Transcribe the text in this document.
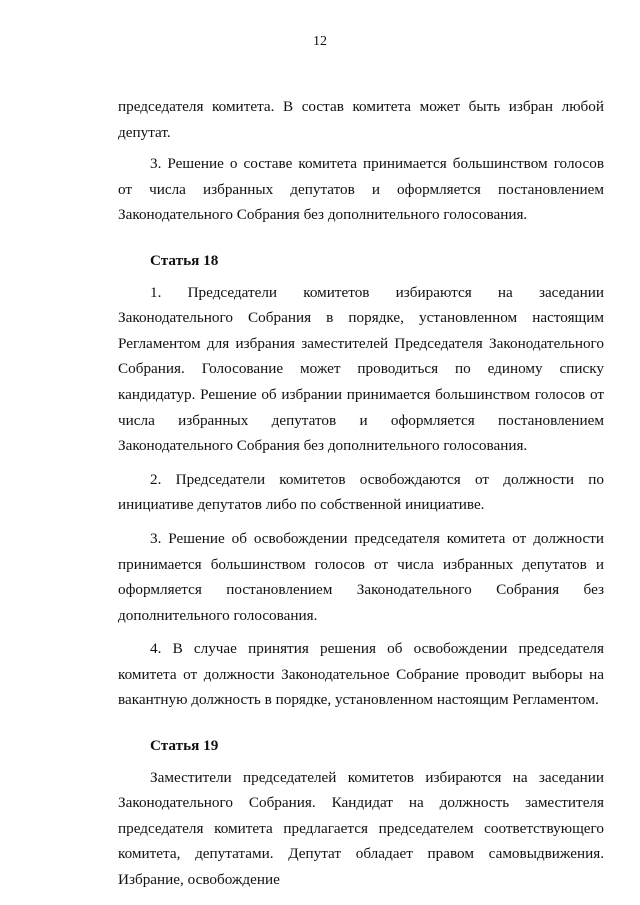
12

председателя комитета. В состав комитета может быть избран любой депутат.

3. Решение о составе комитета принимается большинством голосов от числа избранных депутатов и оформляется постановлением Законодательного Собрания без дополнительного голосования.

Статья 18

1. Председатели комитетов избираются на заседании Законодательного Собрания в порядке, установленном настоящим Регламентом для избрания заместителей Председателя Законодательного Собрания. Голосование может проводиться по единому списку кандидатур. Решение об избрании принимается большинством голосов от числа избранных депутатов и оформляется постановлением Законодательного Собрания без дополнительного голосования.

2. Председатели комитетов освобождаются от должности по инициативе депутатов либо по собственной инициативе.

3. Решение об освобождении председателя комитета от должности принимается большинством голосов от числа избранных депутатов и оформляется постановлением Законодательного Собрания без дополнительного голосования.

4. В случае принятия решения об освобождении председателя комитета от должности Законодательное Собрание проводит выборы на вакантную должность в порядке, установленном настоящим Регламентом.

Статья 19

Заместители председателей комитетов избираются на заседании Законодательного Собрания. Кандидат на должность заместителя председателя комитета предлагается председателем соответствующего комитета, депутатами. Депутат обладает правом самовыдвижения. Избрание, освобождение
